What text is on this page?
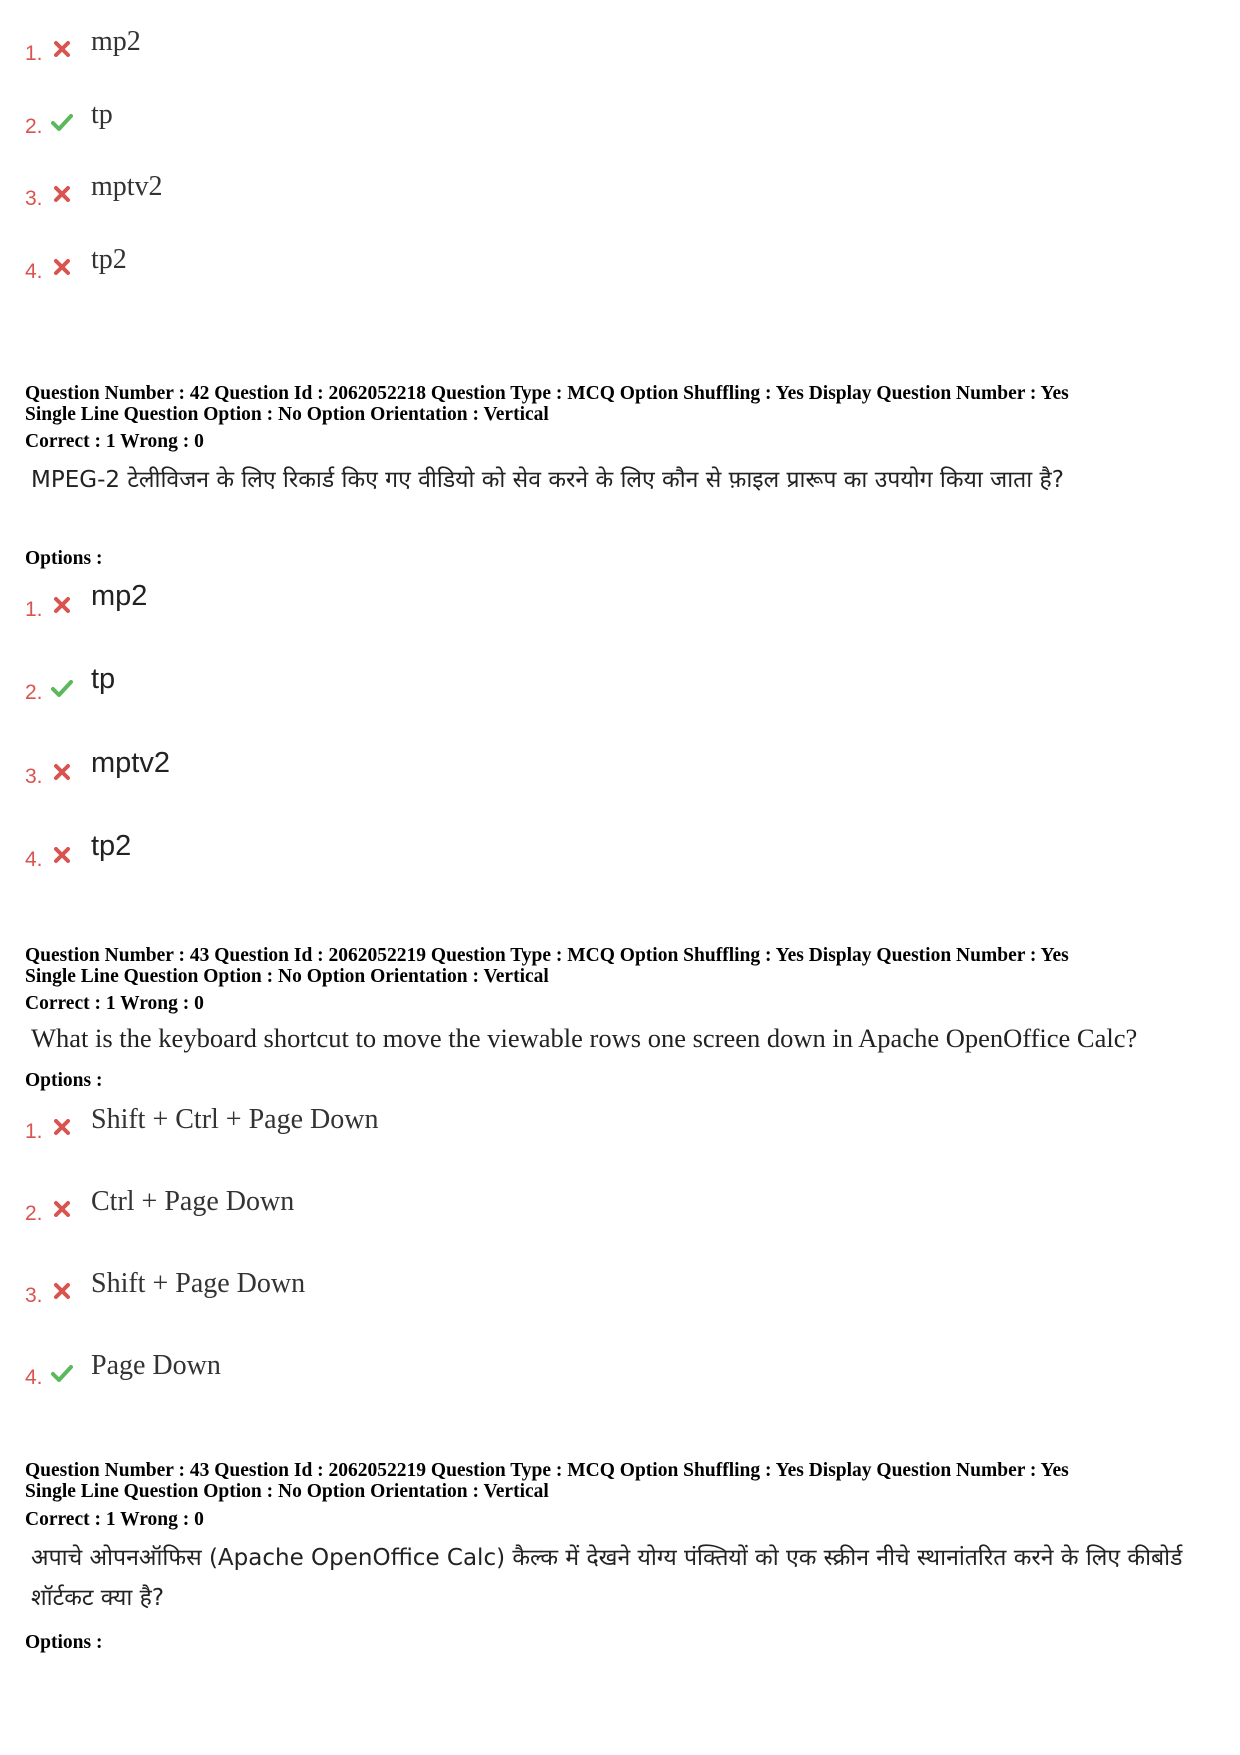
1. mp2
2. tp
3. mptv2
4. tp2
Question Number : 42 Question Id : 2062052218 Question Type : MCQ Option Shuffling : Yes Display Question Number : Yes
Single Line Question Option : No Option Orientation : Vertical
Correct : 1 Wrong : 0
MPEG-2 टेलीविजन के लिए रिकार्ड किए गए वीडियो को सेव करने के लिए कौन से फ़ाइल प्रारूप का उपयोग किया जाता है?
Options :
1. mp2
2. tp
3. mptv2
4. tp2
Question Number : 43 Question Id : 2062052219 Question Type : MCQ Option Shuffling : Yes Display Question Number : Yes
Single Line Question Option : No Option Orientation : Vertical
Correct : 1 Wrong : 0
What is the keyboard shortcut to move the viewable rows one screen down in Apache OpenOffice Calc?
Options :
1. Shift + Ctrl + Page Down
2. Ctrl + Page Down
3. Shift + Page Down
4. Page Down
Question Number : 43 Question Id : 2062052219 Question Type : MCQ Option Shuffling : Yes Display Question Number : Yes
Single Line Question Option : No Option Orientation : Vertical
Correct : 1 Wrong : 0
अपाचे ओपनऑफिस (Apache OpenOffice Calc) कैल्क में देखने योग्य पंक्तियों को एक स्क्रीन नीचे स्थानांतरित करने के लिए कीबोर्ड शॉर्टकट क्या है?
Options :
